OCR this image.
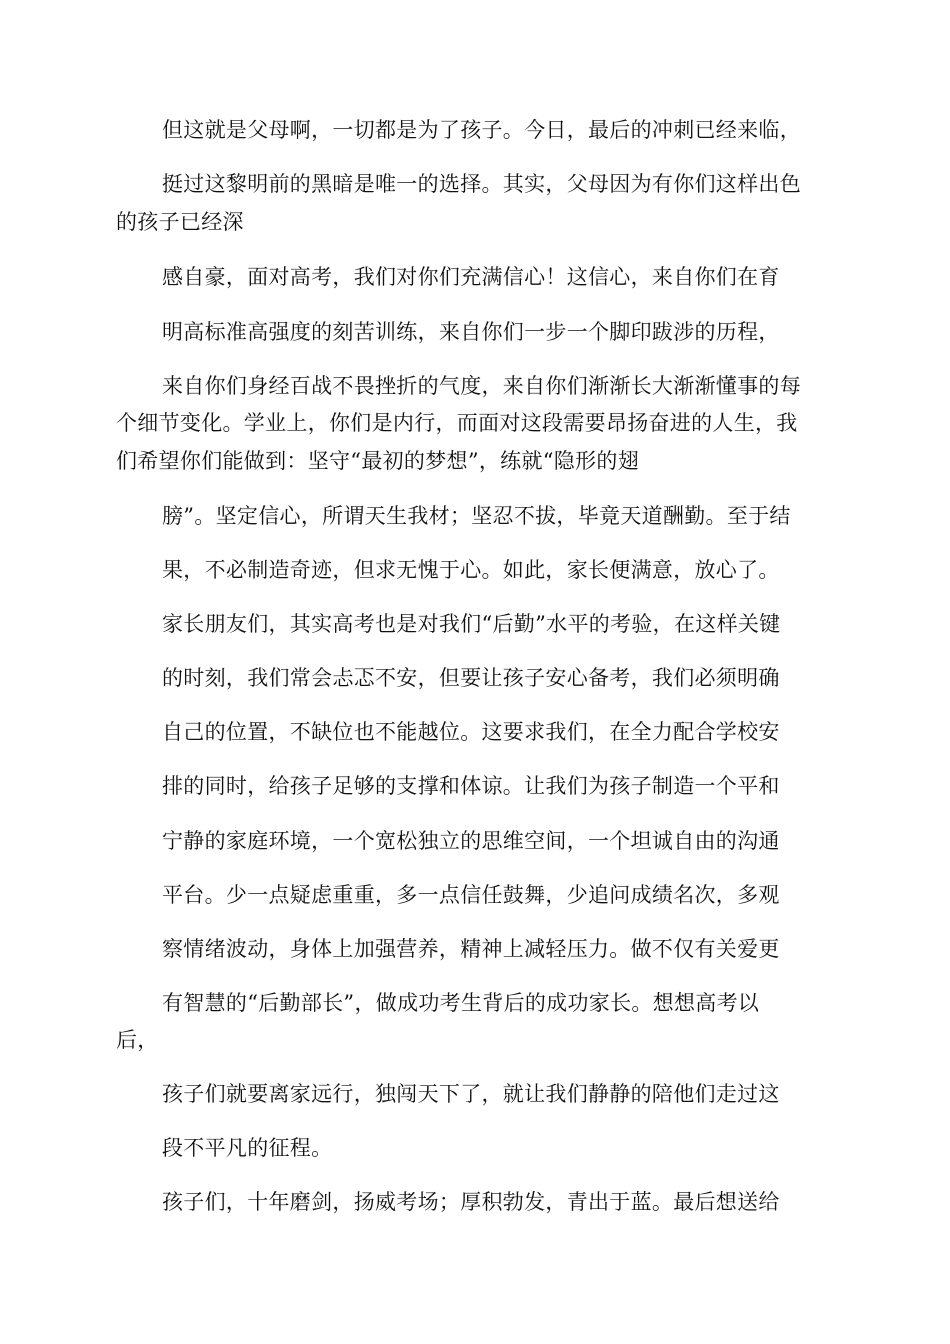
但这就是父母啊，一切都是为了孩子。今日，最后的冲刺已经来临，
挺过这黎明前的黑暗是唯一的选择。其实，父母因为有你们这样出色
的孩子已经深
感自豪，面对高考，我们对你们充满信心！这信心，来自你们在育
明高标准高强度的刻苦训练，来自你们一步一个脚印跋涉的历程，
来自你们身经百战不畏挫折的气度，来自你们渐渐长大渐渐懂事的每
个细节变化。学业上，你们是内行，而面对这段需要昂扬奋进的人生，我
们希望你们能做到：坚守“最初的梦想”，练就“隐形的翅
膀”。坚定信心，所谓天生我材；坚忍不拔，毕竟天道酬勤。至于结
果，不必制造奇迹，但求无愧于心。如此，家长便满意，放心了。
家长朋友们，其实高考也是对我们“后勤”水平的考验，在这样关键
的时刻，我们常会忐忑不安，但要让孩子安心备考，我们必须明确
自己的位置，不缺位也不能越位。这要求我们，在全力配合学校安
排的同时，给孩子足够的支撑和体谅。让我们为孩子制造一个平和
宁静的家庭环境，一个宽松独立的思维空间，一个坦诚自由的沟通
平台。少一点疑虑重重，多一点信任鼓舞，少追问成绩名次，多观
察情绪波动，身体上加强营养，精神上减轻压力。做不仅有关爱更
有智慧的“后勤部长”，做成功考生背后的成功家长。想想高考以
后，
孩子们就要离家远行，独闯天下了，就让我们静静的陪他们走过这
段不平凡的征程。
孩子们，十年磨剑，扬威考场；厚积勃发，青出于蓝。最后想送给
